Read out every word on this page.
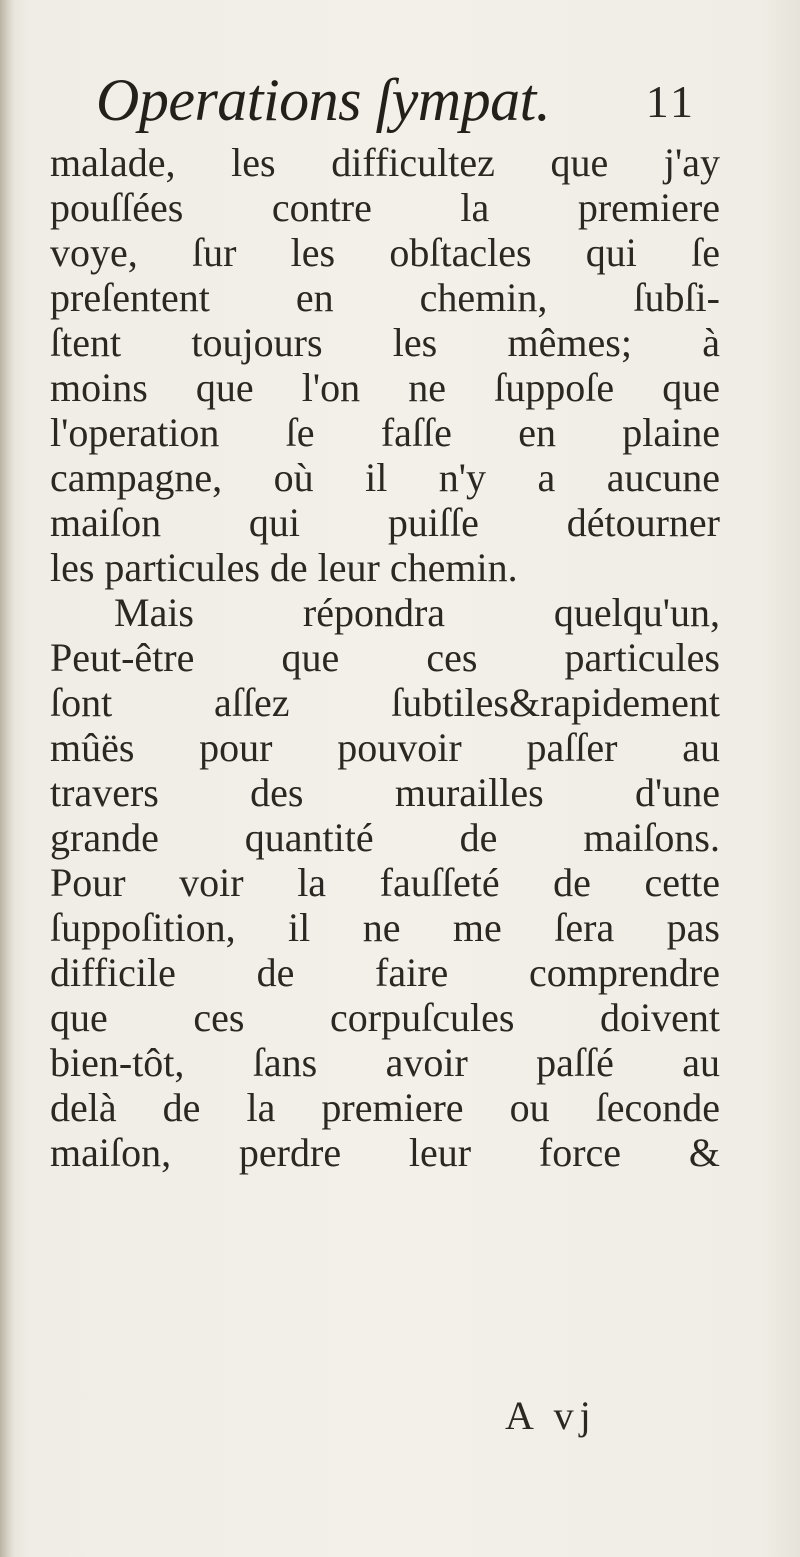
Operations ſympat. 11
malade, les difficultez que j'ay
pouſſées contre la premiere
voye, ſur les obſtacles qui ſe
preſentent en chemin, ſubſi-
ſtent toujours les mêmes; à
moins que l'on ne ſuppoſe que
l'operation ſe faſſe en plaine
campagne, où il n'y a aucune
maiſon qui puiſſe détourner
les particules de leur chemin.
Mais répondra quelqu'un,
Peut-être que ces particules
ſont aſſez ſubtiles&rapidement
mûës pour pouvoir paſſer au
travers des murailles d'une
grande quantité de maiſons.
Pour voir la fauſſeté de cette
ſuppoſition, il ne me ſera pas
difficile de faire comprendre
que ces corpuſcules doivent
bien-tôt, ſans avoir paſſé au
delà de la premiere ou ſeconde
maiſon, perdre leur force &
A vj
